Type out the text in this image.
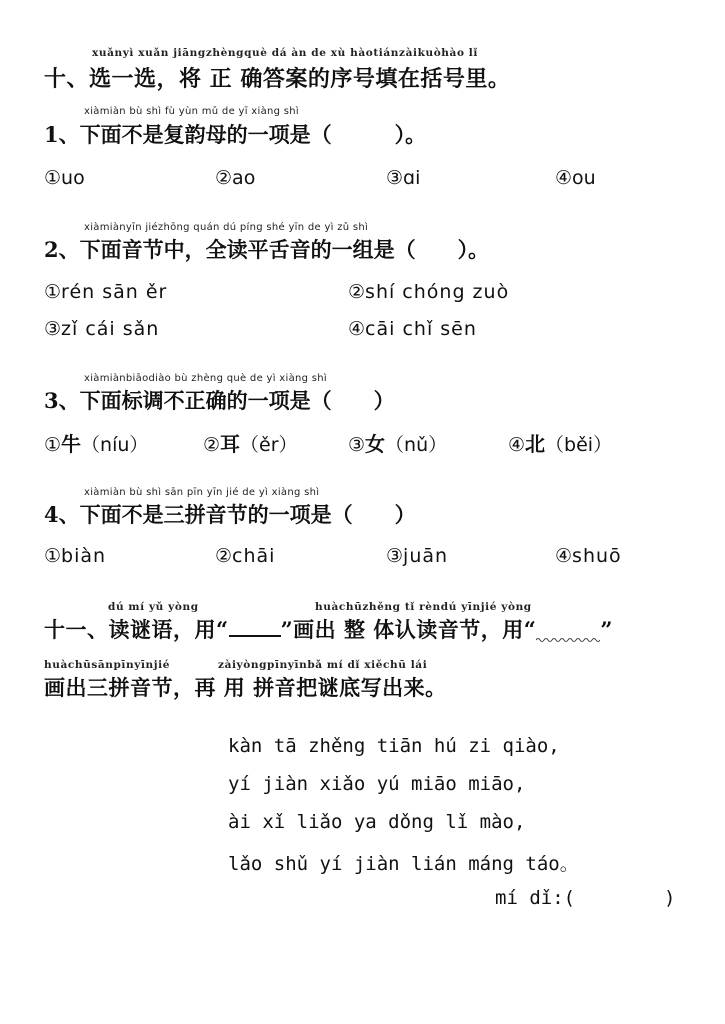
xuǎnyì xuǎn jiāngzhèngquè dá àn de xù hàotiánzàikuòhào lǐ
十、选一选，将 正 确答案的序号填在括号里。
xiàmiàn bù shì fù yùn mǔ de yī xiàng shì
1、下面不是复韵母的一项是（　　　）。
①uo	②ao	③ɑi	④ou
xiàmiànyīn jiézhōng quán dú píng shé yīn de yì zǔ shì
2、下面音节中，全读平舌音的一组是（　　）。
①rén sān ěr	②shí chóng zuò
③zǐ cái sǎn	④cāi chǐ sēn
xiàmiànbiāodiào bù zhèng què de yì xiàng shì
3、下面标调不正确的一项是（　　）
①牛（níu）	②耳（ěr）	③女（nǔ）	④北（běi）
xiàmiàn bù shì sān pīn yīn jié de yì xiàng shì
4、下面不是三拼音节的一项是（　　）
①biàn	②chāi	③juān	④shuō
dú mí yǔ yòng	huàchūzhěng tǐ rèndú yīnjié yòng
十一、读谜语，用“ ”画出 整 体认读音节，用“	”
huàchūsānpīnyīnjié	zàiyòngpīnyīnbǎ mí dǐ xiěchū lái
画出三拼音节，再 用 拼音把谜底写出来。
kàn tā zhěng tiān hú zi qiào,
yí jiàn xiǎo yú miāo miāo,
ài xǐ liǎo ya dǒng lǐ mào,
lǎo shǔ yí jiàn lián máng táo。
mí dǐ:(	)
